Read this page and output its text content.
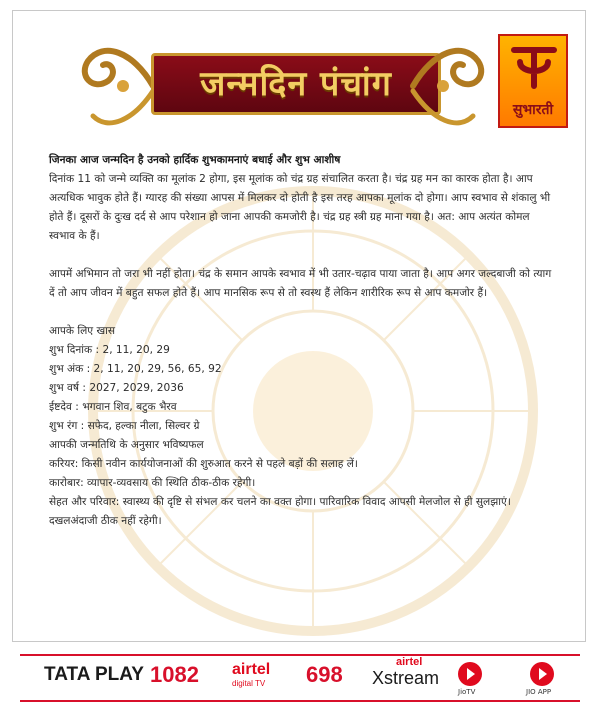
जन्मदिन पंचांग

जिनका आज जन्मदिन है उनको हार्दिक शुभकामनाएं बधाई और शुभ आशीष

दिनांक 11 को जन्मे व्यक्ति का मूलांक 2 होगा, इस मूलांक को चंद्र ग्रह संचालित करता है। चंद्र ग्रह मन का कारक होता है। आप अत्यधिक भावुक होते हैं। ग्यारह की संख्या आपस में मिलकर दो होती है इस तरह आपका मूलांक दो होगा। आप स्वभाव से शंकालु भी होते हैं। दूसरों के दुःख दर्द से आप परेशान हो जाना आपकी कमजोरी है। चंद्र ग्रह स्त्री ग्रह माना गया है। अत: आप अत्यंत कोमल स्वभाव के हैं।

आपमें अभिमान तो जरा भी नहीं होता। चंद्र के समान आपके स्वभाव में भी उतार-चढ़ाव पाया जाता है। आप अगर जल्दबाजी को त्याग दें तो आप जीवन में बहुत सफल होते हैं। आप मानसिक रूप से तो स्वस्थ हैं लेकिन शारीरिक रूप से आप कमजोर हैं।

आपके लिए खास

शुभ दिनांक : 2, 11, 20, 29

शुभ अंक : 2, 11, 20, 29, 56, 65, 92

शुभ वर्ष : 2027, 2029, 2036

ईष्टदेव : भगवान शिव, बटुक भैरव

शुभ रंग : सफेद, हल्का नीला, सिल्वर ग्रे

आपकी जन्मतिथि के अनुसार भविष्यफल

करियर: किसी नवीन कार्ययोजनाओं की शुरुआत करने से पहले बड़ों की सलाह लें।

कारोबार: व्यापार-व्यवसाय की स्थिति ठीक-ठीक रहेगी।

सेहत और परिवार: स्वास्थ्य की दृष्टि से संभल कर चलने का वक्त होगा। पारिवारिक विवाद आपसी मेलजोल से ही सुलझाएं। दखलअंदाजी ठीक नहीं रहेगी।

सुभारती
TATA PLAY 1082 airtel
digital TV 698	airtel
Xstream
JioTV	JIO APP
